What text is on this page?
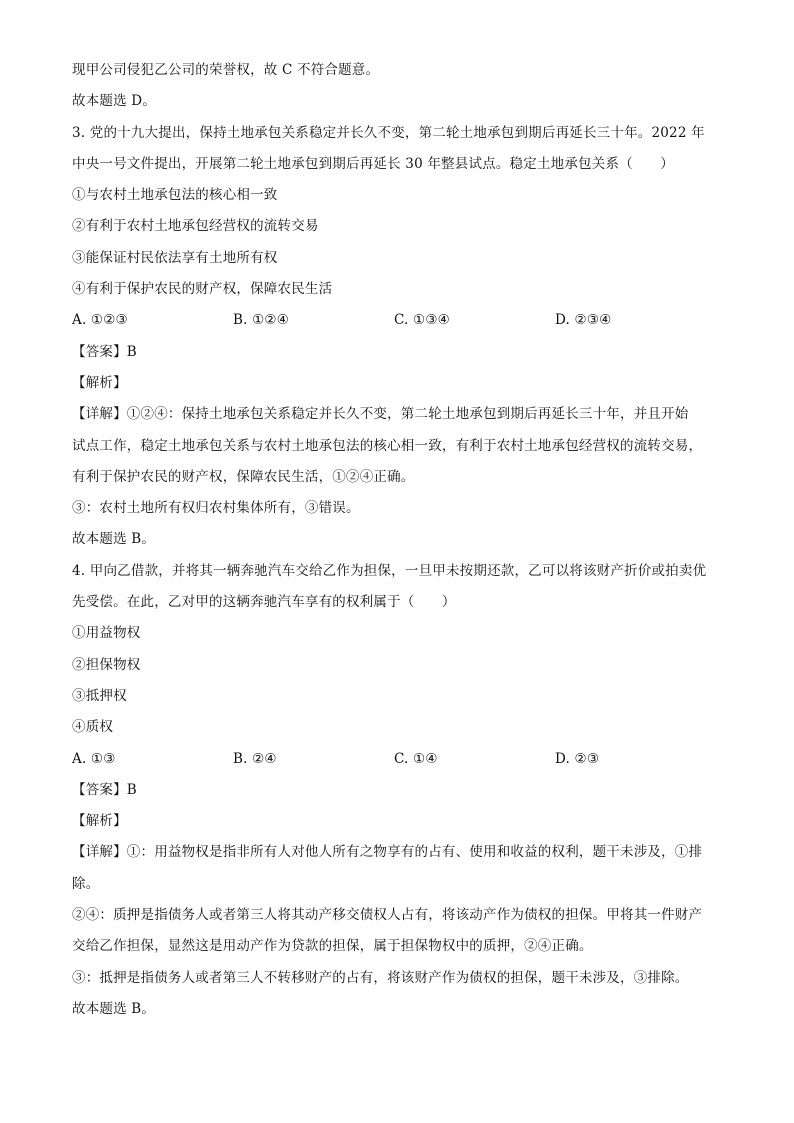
现甲公司侵犯乙公司的荣誉权，故 C 不符合题意。
故本题选 D。
3. 党的十九大提出，保持土地承包关系稳定并长久不变，第二轮土地承包到期后再延长三十年。2022 年
中央一号文件提出，开展第二轮土地承包到期后再延长 30 年整县试点。稳定土地承包关系（　　）
①与农村土地承包法的核心相一致
②有利于农村土地承包经营权的流转交易
③能保证村民依法享有土地所有权
④有利于保护农民的财产权，保障农民生活
A. ①②③	B. ①②④	C. ①③④	D. ②③④
【答案】B
【解析】
【详解】①②④：保持土地承包关系稳定并长久不变，第二轮土地承包到期后再延长三十年，并且开始
试点工作，稳定土地承包关系与农村土地承包法的核心相一致，有利于农村土地承包经营权的流转交易，
有利于保护农民的财产权，保障农民生活，①②④正确。
③：农村土地所有权归农村集体所有，③错误。
故本题选 B。
4. 甲向乙借款，并将其一辆奔驰汽车交给乙作为担保，一旦甲未按期还款，乙可以将该财产折价或拍卖优
先受偿。在此，乙对甲的这辆奔驰汽车享有的权利属于（　　）
①用益物权
②担保物权
③抵押权
④质权
A. ①③	B. ②④	C. ①④	D. ②③
【答案】B
【解析】
【详解】①：用益物权是指非所有人对他人所有之物享有的占有、使用和收益的权利，题干未涉及，①排
除。
②④：质押是指债务人或者第三人将其动产移交债权人占有，将该动产作为债权的担保。甲将其一件财产
交给乙作担保，显然这是用动产作为贷款的担保，属于担保物权中的质押，②④正确。
③：抵押是指债务人或者第三人不转移财产的占有，将该财产作为债权的担保，题干未涉及，③排除。
故本题选 B。
